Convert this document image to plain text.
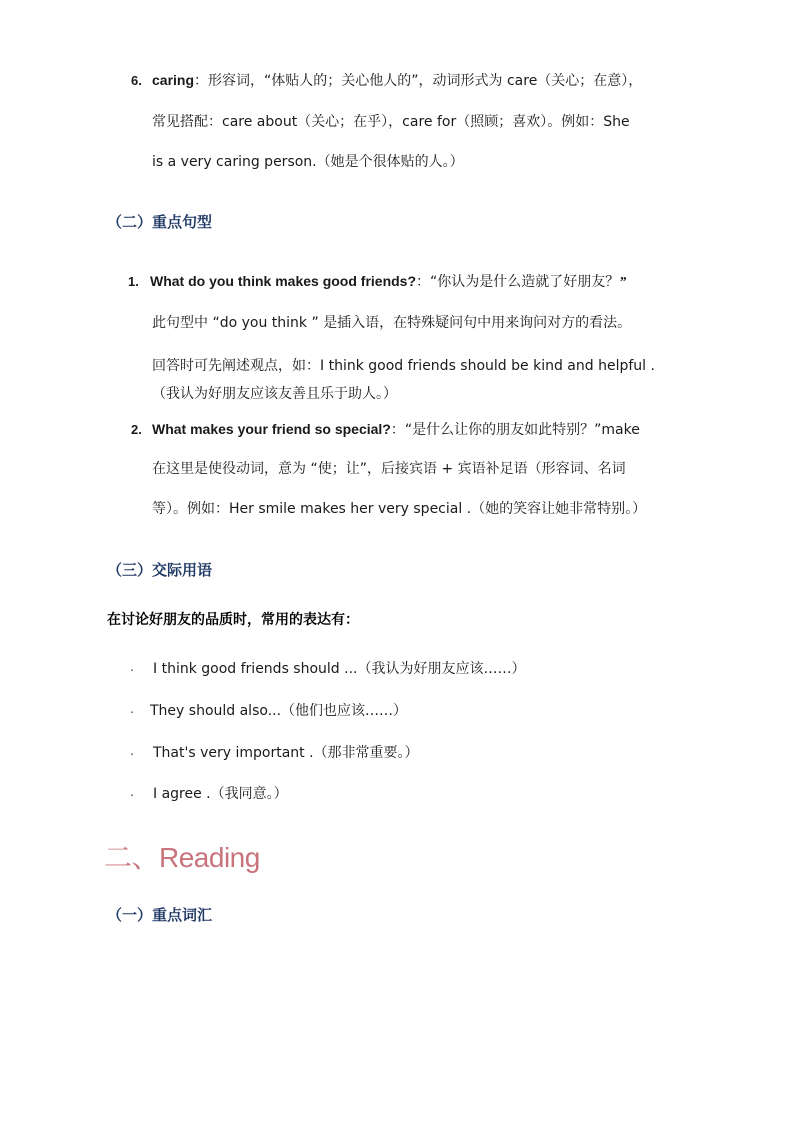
6. caring：形容词，“体贴人的；关心他人的”，动词形式为 care（关心；在意），
常见搭配：care about（关心；在乎），care for（照顾；喜欢）。例如：She
is a very caring person.（她是个很体贴的人。）
（二）重点句型
1. What do you think makes good friends?：“你认为是什么造就了好朋友？”
此句型中 “do you think ” 是插入语，在特殊疑问句中用来询问对方的看法。
回答时可先阐述观点，如：I think good friends should be kind and helpful .
（我认为好朋友应该友善且乐于助人。）
2. What makes your friend so special?：“是什么让你的朋友如此特别？”make
在这里是使役动词，意为 “使；让”，后接宾语 + 宾语补足语（形容词、名词
等）。例如：Her smile makes her very special .（她的笑容让她非常特别。）
（三）交际用语
在讨论好朋友的品质时，常用的表达有：
. I think good friends should ...（我认为好朋友应该……）
. They should also...（他们也应该……）
. That's very important .（那非常重要。）
. I agree .（我同意。）
二、Reading
（一）重点词汇
